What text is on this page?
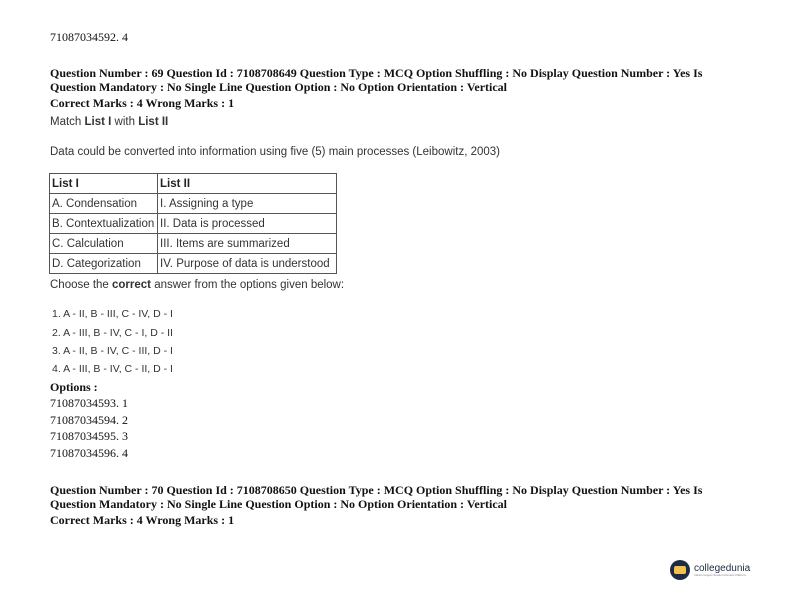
71087034592. 4
Question Number : 69 Question Id : 7108708649 Question Type : MCQ Option Shuffling : No Display Question Number : Yes Is
Question Mandatory : No Single Line Question Option : No Option Orientation : Vertical
Correct Marks : 4 Wrong Marks : 1
Match List I with List II
Data could be converted into information using five (5) main processes (Leibowitz, 2003)
List I	List II
A. Condensation	I. Assigning a type
B. Contextualization	II. Data is processed
C. Calculation	III. Items are summarized
D. Categorization	IV. Purpose of data is understood
Choose the correct answer from the options given below:
1. A - II, B - III, C - IV, D - I
2. A - III, B - IV, C - I, D - II
3. A - II, B - IV, C - III, D - I
4. A - III, B - IV, C - II, D - I
Options :
71087034593. 1
71087034594. 2
71087034595. 3
71087034596. 4
Question Number : 70 Question Id : 7108708650 Question Type : MCQ Option Shuffling : No Display Question Number : Yes Is
Question Mandatory : No Single Line Question Option : No Option Orientation : Vertical
Correct Marks : 4 Wrong Marks : 1
collegedunia
India's largest Student Review Platform
